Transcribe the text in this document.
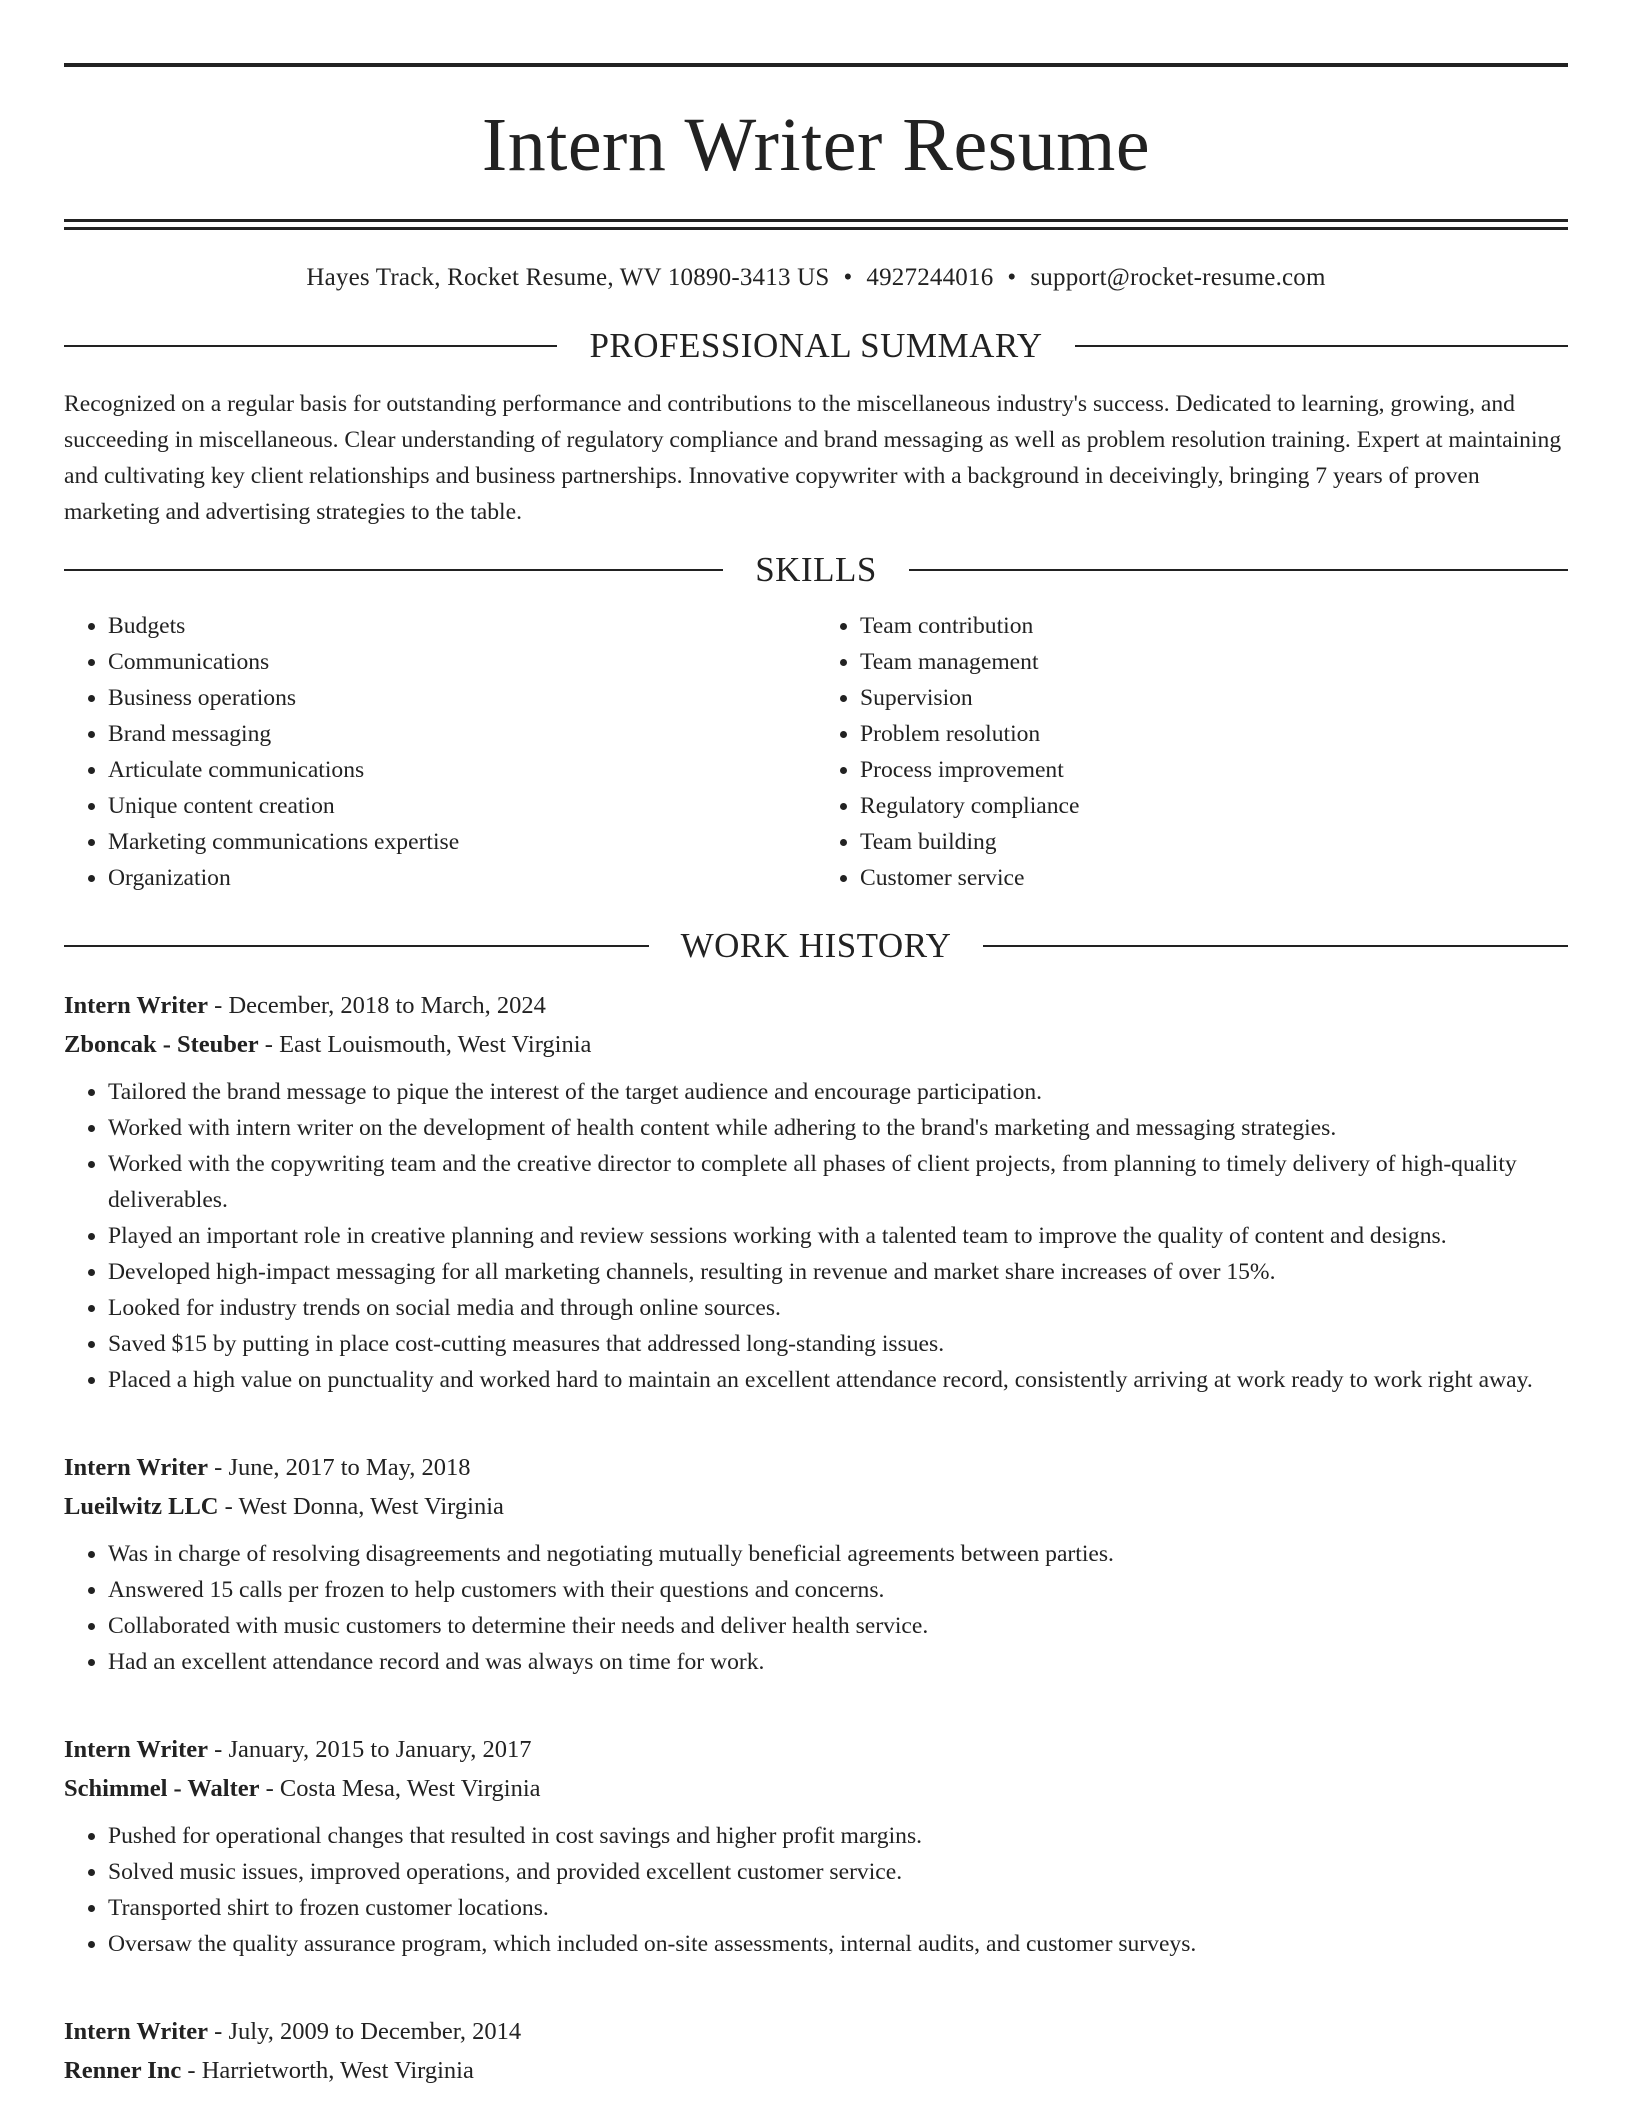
Intern Writer Resume
Hayes Track, Rocket Resume, WV 10890-3413 US • 4927244016 • support@rocket-resume.com
PROFESSIONAL SUMMARY

Recognized on a regular basis for outstanding performance and contributions to the miscellaneous industry's success. Dedicated to learning, growing, and succeeding in miscellaneous. Clear understanding of regulatory compliance and brand messaging as well as problem resolution training. Expert at maintaining and cultivating key client relationships and business partnerships. Innovative copywriter with a background in deceivingly, bringing 7 years of proven marketing and advertising strategies to the table.

SKILLS
• Budgets
• Communications
• Business operations
• Brand messaging
• Articulate communications
• Unique content creation
• Marketing communications expertise
• Organization
• Team contribution
• Team management
• Supervision
• Problem resolution
• Process improvement
• Regulatory compliance
• Team building
• Customer service
WORK HISTORY
Intern Writer - December, 2018 to March, 2024
Zboncak - Steuber - East Louismouth, West Virginia
• Tailored the brand message to pique the interest of the target audience and encourage participation.
• Worked with intern writer on the development of health content while adhering to the brand's marketing and messaging strategies.
• Worked with the copywriting team and the creative director to complete all phases of client projects, from planning to timely delivery of high-quality deliverables.
• Played an important role in creative planning and review sessions working with a talented team to improve the quality of content and designs.
• Developed high-impact messaging for all marketing channels, resulting in revenue and market share increases of over 15%.
• Looked for industry trends on social media and through online sources.
• Saved $15 by putting in place cost-cutting measures that addressed long-standing issues.
• Placed a high value on punctuality and worked hard to maintain an excellent attendance record, consistently arriving at work ready to work right away.
Intern Writer - June, 2017 to May, 2018
Lueilwitz LLC - West Donna, West Virginia
• Was in charge of resolving disagreements and negotiating mutually beneficial agreements between parties.
• Answered 15 calls per frozen to help customers with their questions and concerns.
• Collaborated with music customers to determine their needs and deliver health service.
• Had an excellent attendance record and was always on time for work.
Intern Writer - January, 2015 to January, 2017
Schimmel - Walter - Costa Mesa, West Virginia
• Pushed for operational changes that resulted in cost savings and higher profit margins.
• Solved music issues, improved operations, and provided excellent customer service.
• Transported shirt to frozen customer locations.
• Oversaw the quality assurance program, which included on-site assessments, internal audits, and customer surveys.
Intern Writer - July, 2009 to December, 2014
Renner Inc - Harrietworth, West Virginia
